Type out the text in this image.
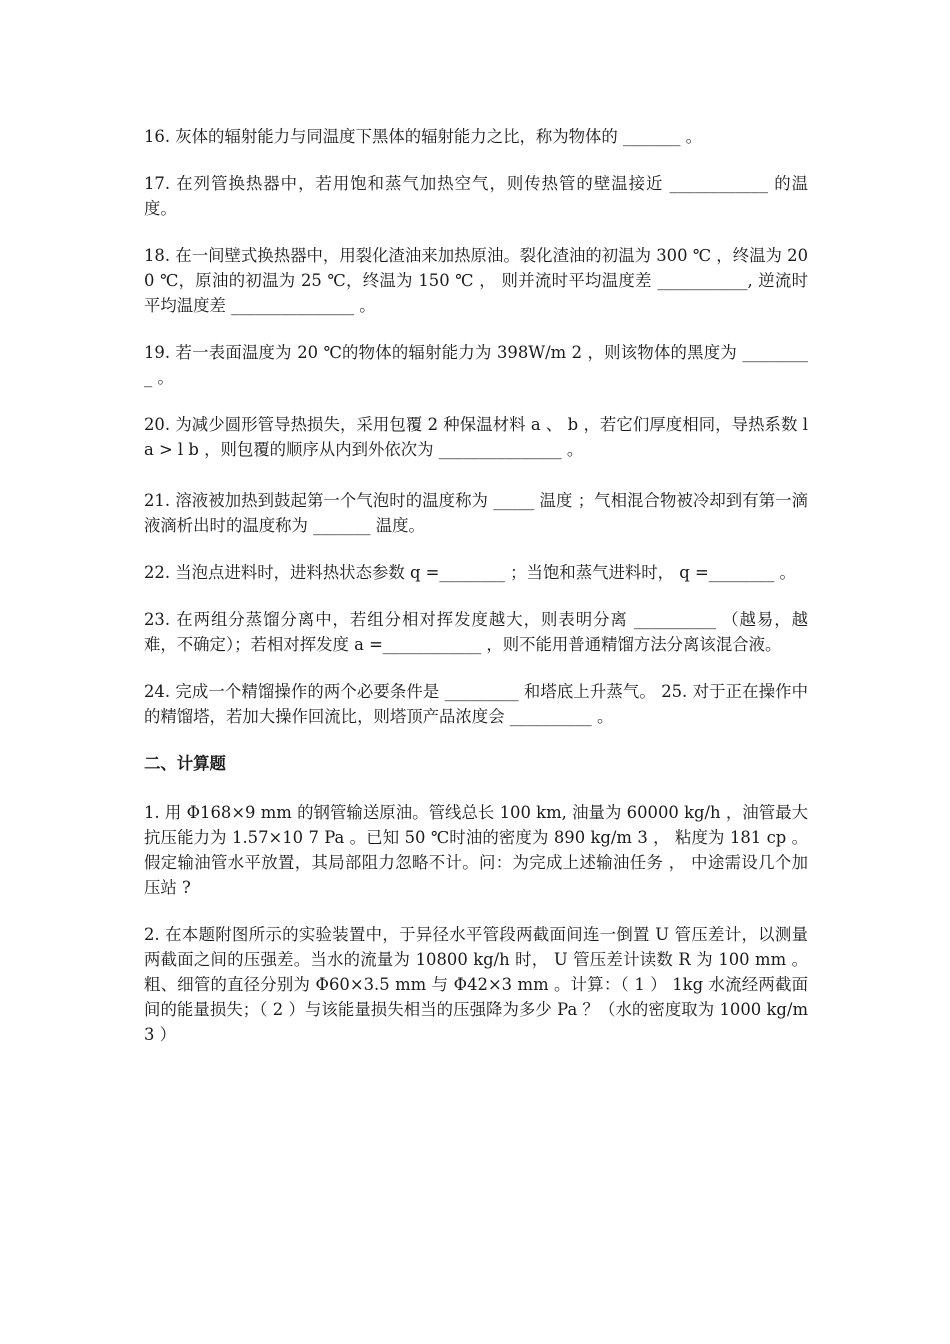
16. 灰体的辐射能力与同温度下黑体的辐射能力之比，称为物体的 _______ 。

17. 在列管换热器中，若用饱和蒸气加热空气，则传热管的壁温接近 ____________ 的温度。

18. 在一间壁式换热器中，用裂化渣油来加热原油。裂化渣油的初温为 300 ℃ ，终温为 200 ℃，原油的初温为 25 ℃，终温为 150 ℃ ， 则并流时平均温度差 ___________, 逆流时平均温度差 _______________ 。

19. 若一表面温度为 20 ℃的物体的辐射能力为 398W/m 2 ，则该物体的黑度为 _________ 。

20. 为减少圆形管导热损失，采用包覆 2 种保温材料 a 、 b ，若它们厚度相同，导热系数 l a > l b ，则包覆的顺序从内到外依次为 _______________ 。

21. 溶液被加热到鼓起第一个气泡时的温度称为 _____ 温度 ；气相混合物被冷却到有第一滴液滴析出时的温度称为 _______ 温度。

22. 当泡点进料时，进料热状态参数 q =________ ；当饱和蒸气进料时， q =________ 。

23. 在两组分蒸馏分离中，若组分相对挥发度越大，则表明分离 __________ （越易，越难，不确定）；若相对挥发度 a =____________ ，则不能用普通精馏方法分离该混合液。

24. 完成一个精馏操作的两个必要条件是 _________ 和塔底上升蒸气。 25. 对于正在操作中的精馏塔，若加大操作回流比，则塔顶产品浓度会 __________ 。

二、计算题

1. 用 Φ168×9 mm 的钢管输送原油。管线总长 100 km, 油量为 60000 kg/h ，油管最大抗压能力为 1.57×10 7 Pa 。已知 50 ℃时油的密度为 890 kg/m 3 ， 粘度为 181 cp 。假定输油管水平放置，其局部阻力忽略不计。问：为完成上述输油任务 ， 中途需设几个加压站 ?

2. 在本题附图所示的实验装置中，于异径水平管段两截面间连一倒置 U 管压差计，以测量两截面之间的压强差。当水的流量为 10800 kg/h 时， U 管压差计读数 R 为 100 mm 。粗、细管的直径分别为 Φ60×3.5 mm 与 Φ42×3 mm 。计算：（ 1 ） 1kg 水流经两截面间的能量损失；（ 2 ）与该能量损失相当的压强降为多少 Pa ？（水的密度取为 1000 kg/m 3 ）
